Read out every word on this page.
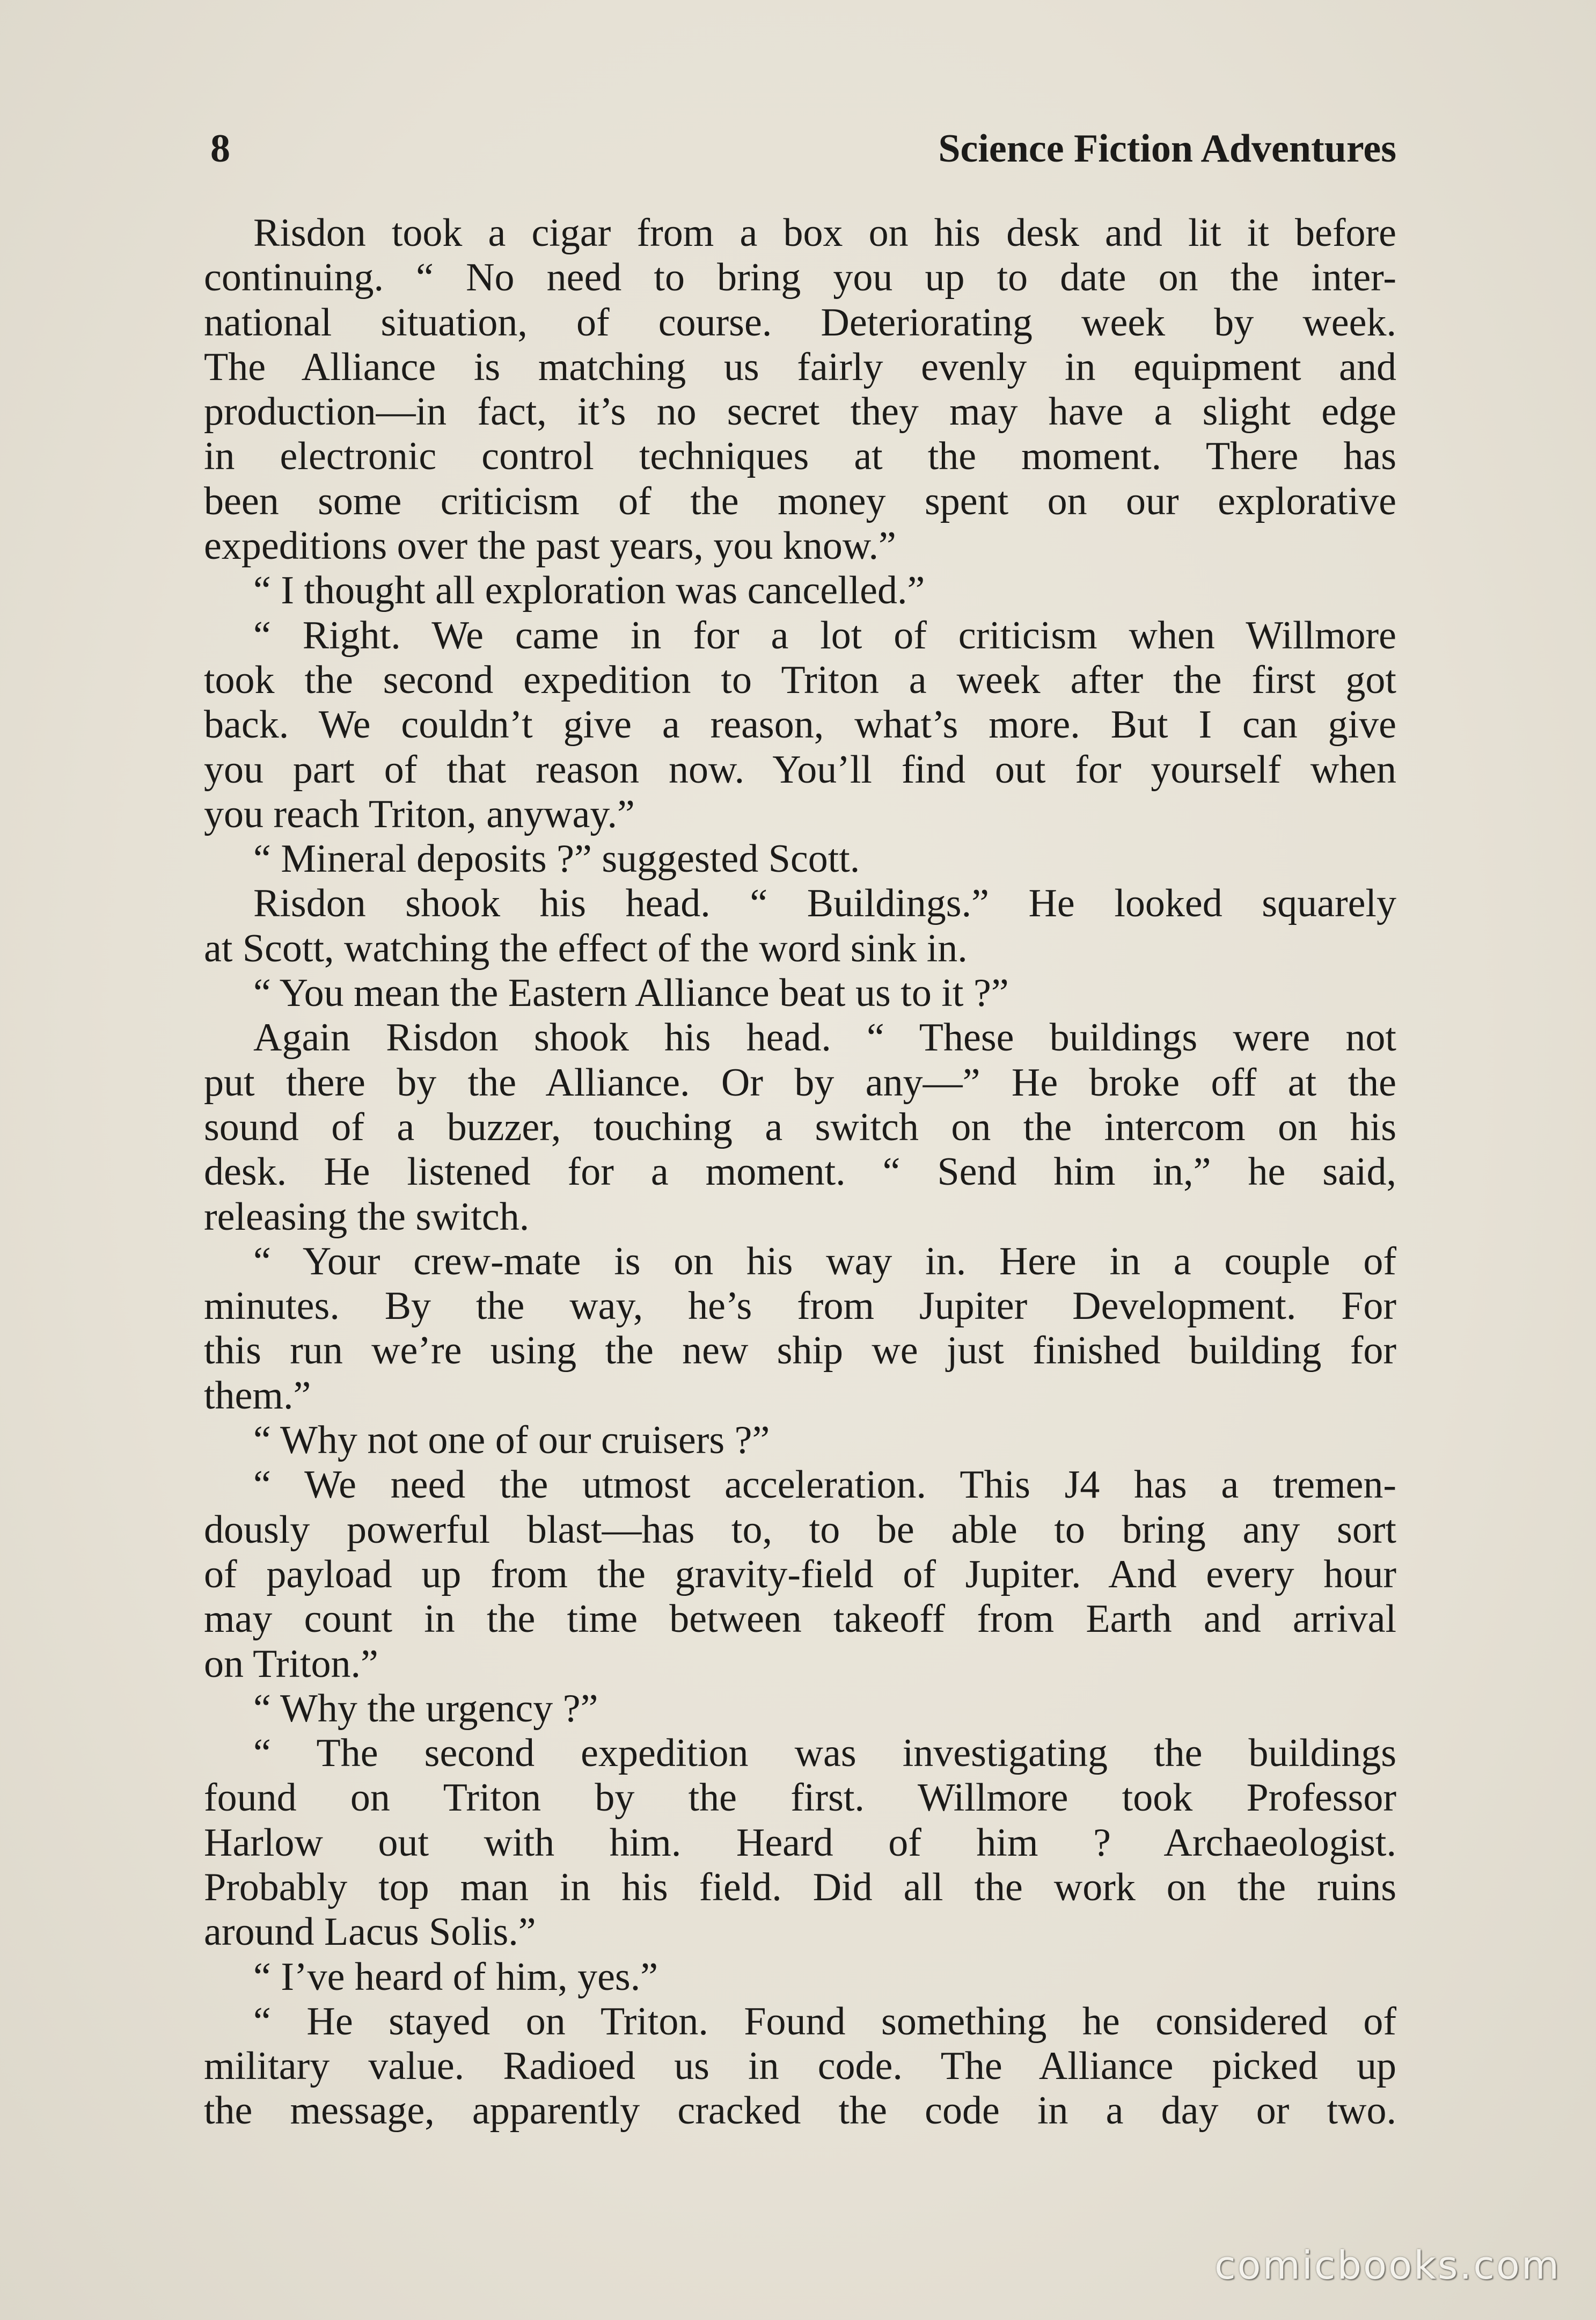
8	Science Fiction Adventures
Risdon took a cigar from a box on his desk and lit it before
continuing. “ No need to bring you up to date on the inter-
national situation, of course. Deteriorating week by week.
The Alliance is matching us fairly evenly in equipment and
production—in fact, it’s no secret they may have a slight edge
in electronic control techniques at the moment. There has
been some criticism of the money spent on our explorative
expeditions over the past years, you know.”
“ I thought all exploration was cancelled.”
“ Right. We came in for a lot of criticism when Willmore
took the second expedition to Triton a week after the first got
back. We couldn’t give a reason, what’s more. But I can give
you part of that reason now. You’ll find out for yourself when
you reach Triton, anyway.”
“ Mineral deposits ?” suggested Scott.
Risdon shook his head. “ Buildings.” He looked squarely
at Scott, watching the effect of the word sink in.
“ You mean the Eastern Alliance beat us to it ?”
Again Risdon shook his head. “ These buildings were not
put there by the Alliance. Or by any—” He broke off at the
sound of a buzzer, touching a switch on the intercom on his
desk. He listened for a moment. “ Send him in,” he said,
releasing the switch.
“ Your crew-mate is on his way in. Here in a couple of
minutes. By the way, he’s from Jupiter Development. For
this run we’re using the new ship we just finished building for
them.”
“ Why not one of our cruisers ?”
“ We need the utmost acceleration. This J4 has a tremen-
dously powerful blast—has to, to be able to bring any sort
of payload up from the gravity-field of Jupiter. And every hour
may count in the time between takeoff from Earth and arrival
on Triton.”
“ Why the urgency ?”
“ The second expedition was investigating the buildings
found on Triton by the first. Willmore took Professor
Harlow out with him. Heard of him ? Archaeologist.
Probably top man in his field. Did all the work on the ruins
around Lacus Solis.”
“ I’ve heard of him, yes.”
“ He stayed on Triton. Found something he considered of
military value. Radioed us in code. The Alliance picked up
the message, apparently cracked the code in a day or two.
comicbooks.com
